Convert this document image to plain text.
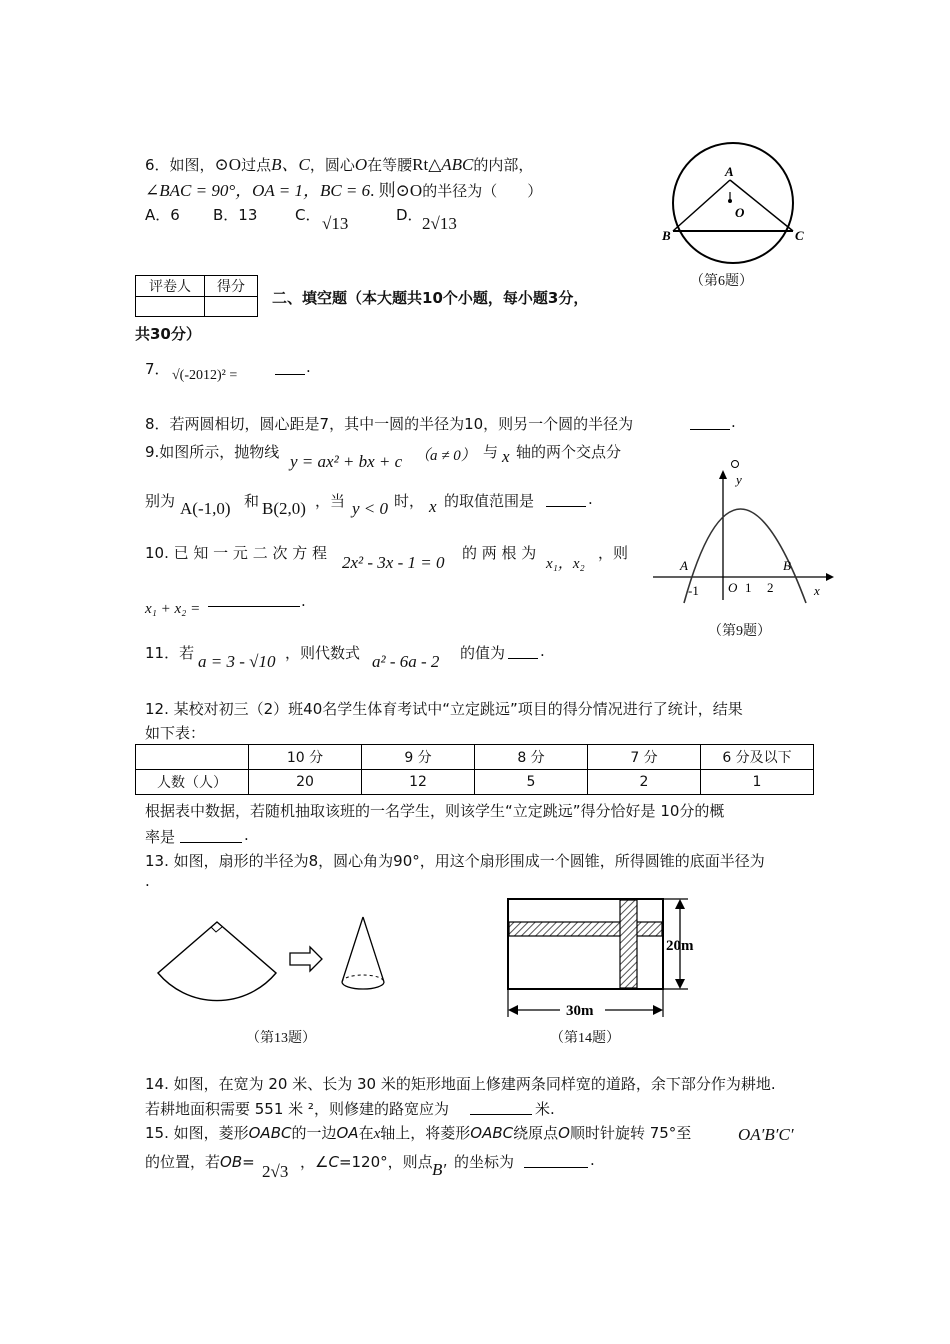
6．如图，⊙O过点B、C，圆心O在等腰Rt△ABC的内部，
∠BAC = 90°，OA = 1，BC = 6. 则⊙O的半径为（　　）
A．6 B．13	C． √13	D． 2√13
A
O
B	C
（第6题）
评卷人	得分

二、填空题（本大题共10个小题，每小题3分，
共30分）
7． √(-2012)² =	.
8．若两圆相切，圆心距是7，其中一圆的半径为10，则另一个圆的半径为	.
9.如图所示，抛物线 y = ax² + bx + c （a ≠ 0） 与 x 轴的两个交点分
别为 A(-1,0) 和 B(2,0) ，当 y < 0 时， x 的取值范围是	.
y
A	B
-1 O 1 2	x
（第9题）
10. 已 知 一 元 二 次 方 程 2x² - 3x - 1 = 0 的 两 根 为
x₁，x₂
，则
x₁ + x₂ =	.
11．若 a = 3 - √10 ，则代数式 a² - 6a - 2 的值为 .
12. 某校对初三（2）班40名学生体育考试中“立定跳远”项目的得分情况进行了统计，结果
如下表：
	10 分	9 分	8 分	7 分	6 分及以下
人数（人）	20	12	5	2	1
根据表中数据，若随机抽取该班的一名学生，则该学生“立定跳远”得分恰好是 10分的概
率是	.
13. 如图，扇形的半径为8，圆心角为90°，用这个扇形围成一个圆锥，所得圆锥的底面半径为
.
（第13题）
20m
30m
（第14题）
14. 如图，在宽为 20 米、长为 30 米的矩形地面上修建两条同样宽的道路，余下部分作为耕地.
若耕地面积需要 551 米 ²，则修建的路宽应为	米.
15. 如图，菱形OABC的一边OA在x轴上，将菱形OABC绕原点O顺时针旋转 75°至	OA′B′C′
的位置，若OB= 2√3 ，∠C=120°，则点 B′ 的坐标为	.
